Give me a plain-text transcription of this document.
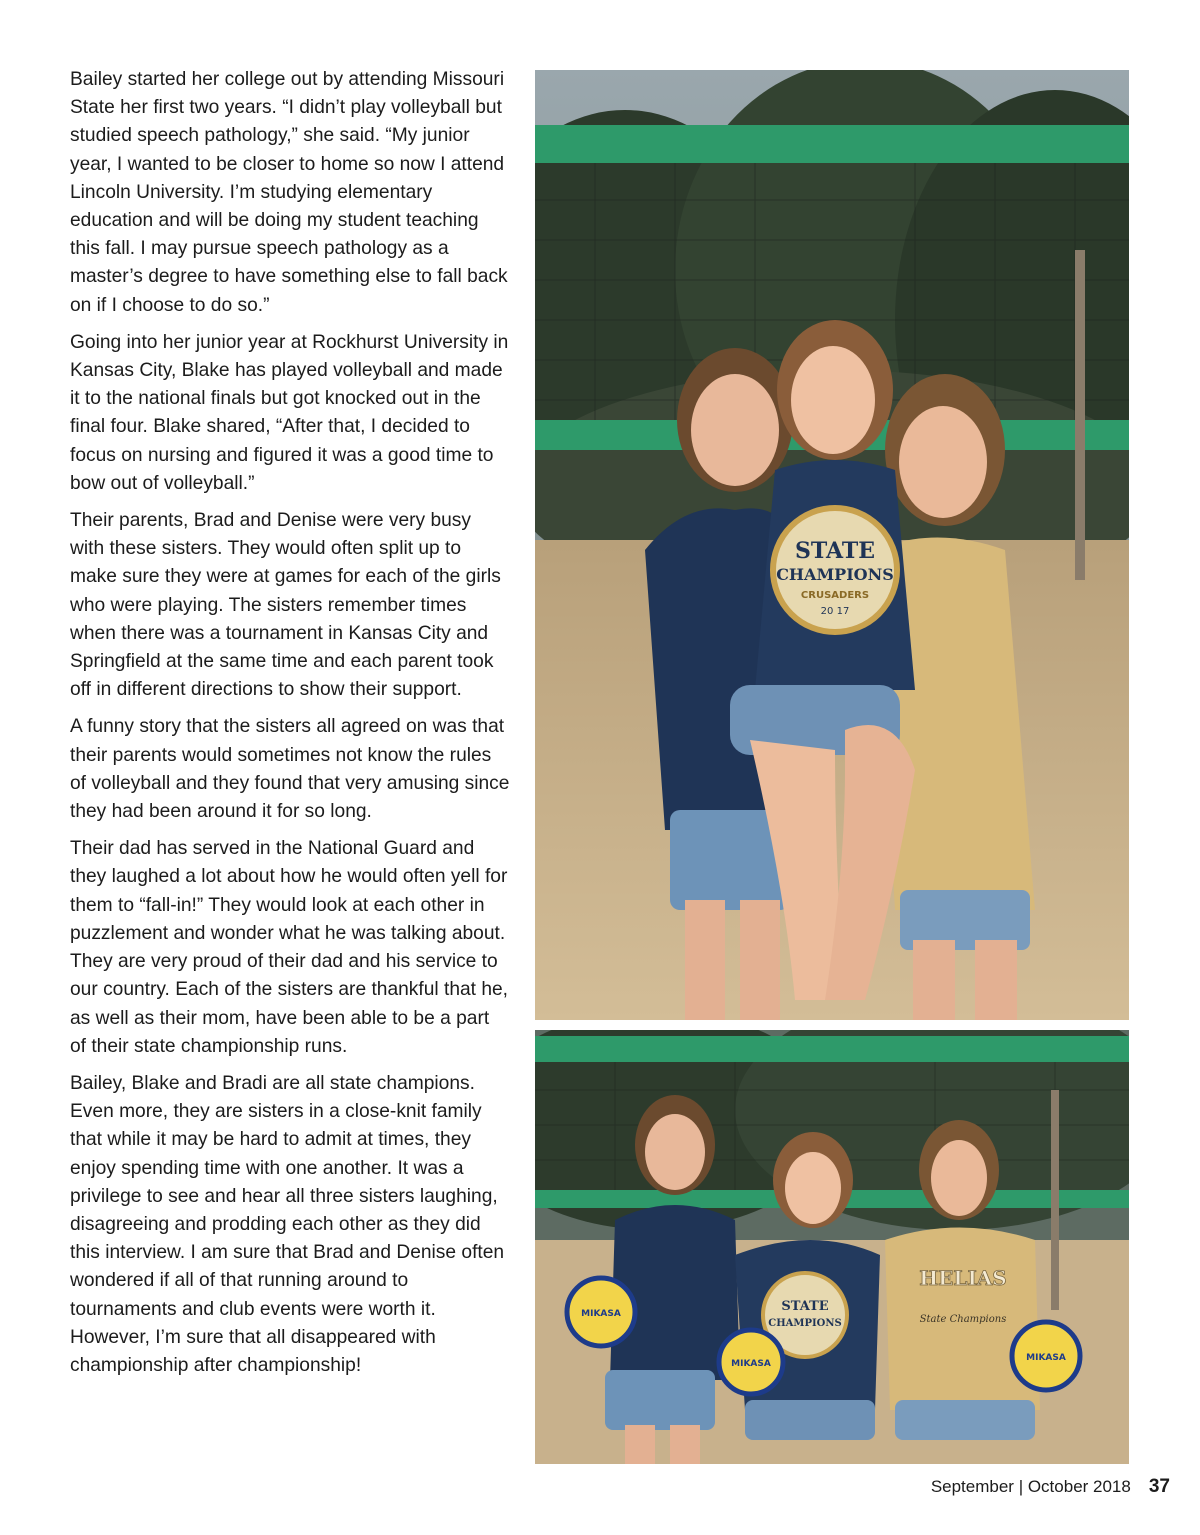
Bailey started her college out by attending Missouri State her first two years. “I didn’t play volleyball but studied speech pathology,” she said. “My junior year, I wanted to be closer to home so now I attend Lincoln University. I’m studying elementary education and will be doing my student teaching this fall. I may pursue speech pathology as a master’s degree to have something else to fall back on if I choose to do so.”

Going into her junior year at Rockhurst University in Kansas City, Blake has played volleyball and made it to the national finals but got knocked out in the final four. Blake shared, “After that, I decided to focus on nursing and figured it was a good time to bow out of volleyball.”

Their parents, Brad and Denise were very busy with these sisters. They would often split up to make sure they were at games for each of the girls who were playing. The sisters remember times when there was a tournament in Kansas City and Springfield at the same time and each parent took off in different directions to show their support.

A funny story that the sisters all agreed on was that their parents would sometimes not know the rules of volleyball and they found that very amusing since they had been around it for so long.

Their dad has served in the National Guard and they laughed a lot about how he would often yell for them to “fall-in!” They would look at each other in puzzlement and wonder what he was talking about. They are very proud of their dad and his service to our country. Each of the sisters are thankful that he, as well as their mom, have been able to be a part of their state championship runs.

Bailey, Blake and Bradi are all state champions. Even more, they are sisters in a close-knit family that while it may be hard to admit at times, they enjoy spending time with one another. It was a privilege to see and hear all three sisters laughing, disagreeing and prodding each other as they did this interview. I am sure that Brad and Denise often wondered if all of that running around to tournaments and club events were worth it. However, I’m sure that all disappeared with championship after championship!

STATE
CHAMPIONS
CRUSADERS
20 17
MIKASA	STATE
CHAMPIONS
MIKASA
HELIAS
State Champions
MIKASA
September | October 2018 37
